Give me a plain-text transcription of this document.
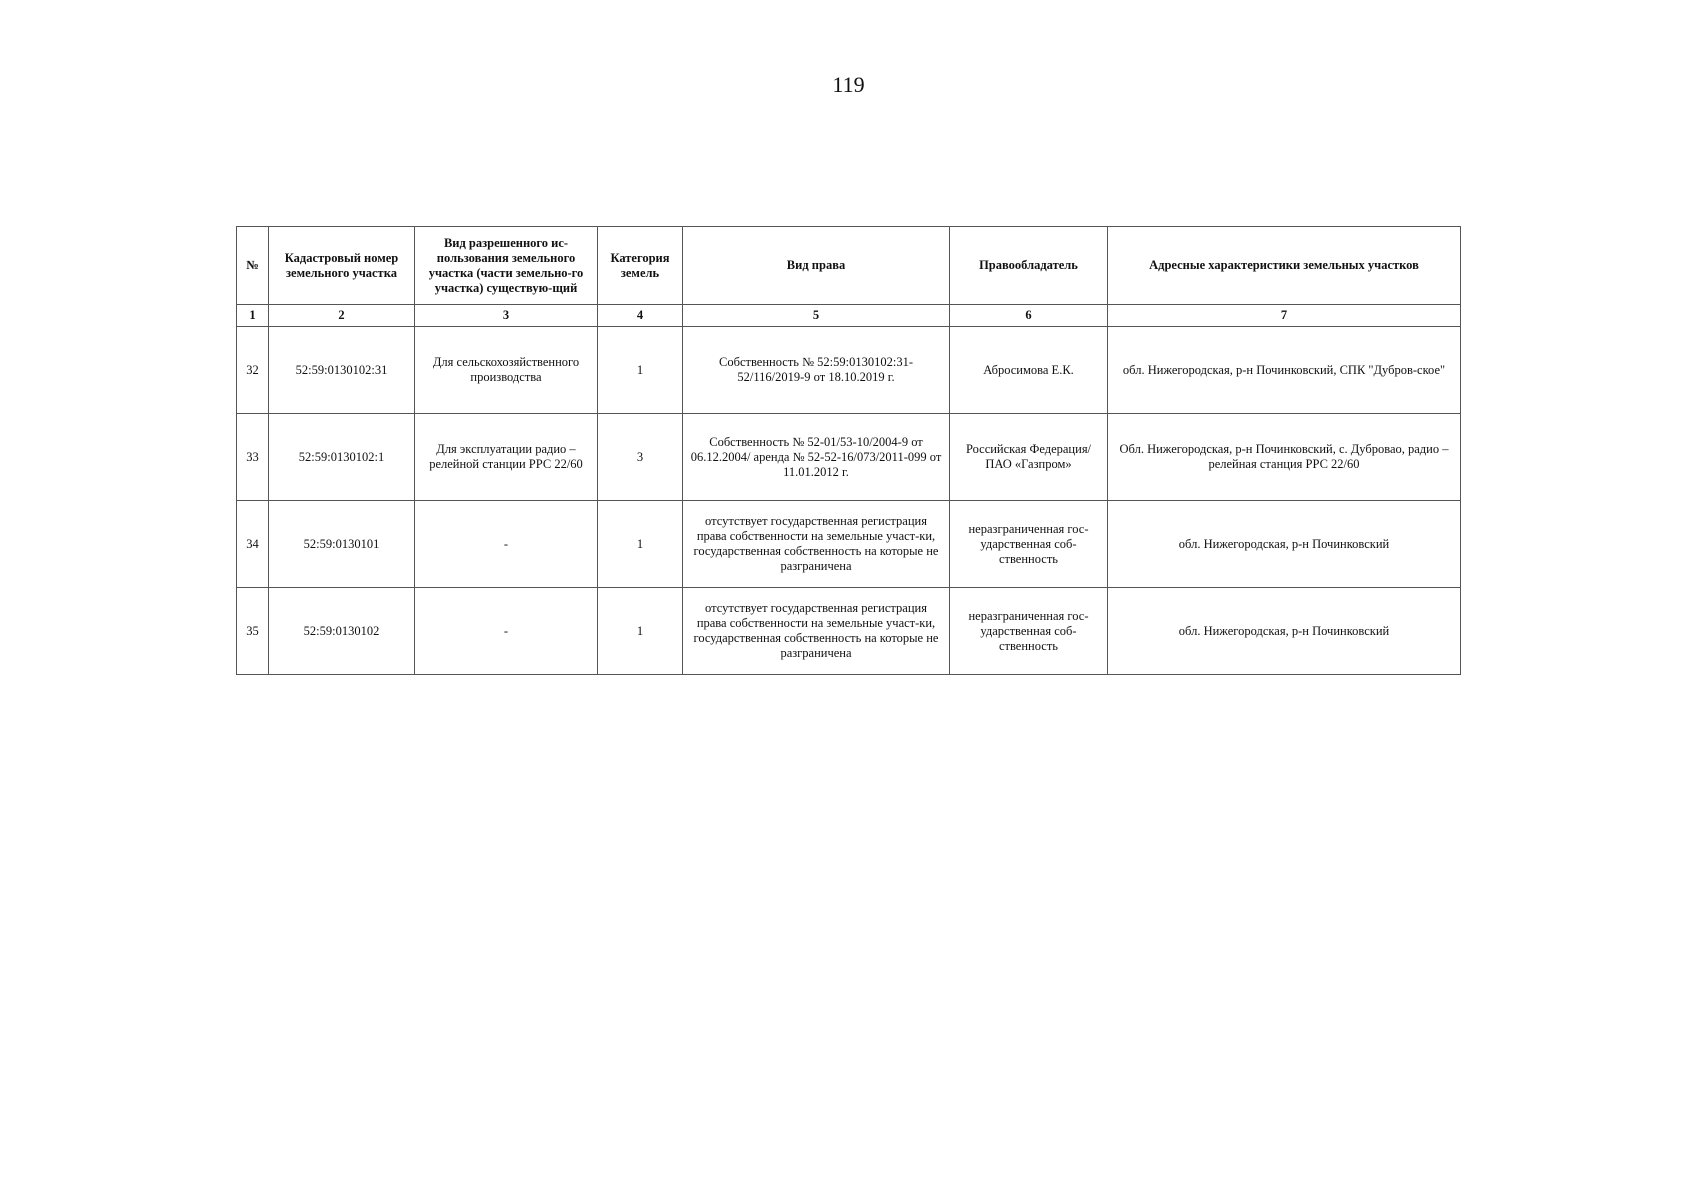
119
№	Кадастровый номер земельного участка	Вид разрешенного ис-пользования земельного участка (части земельно-го участка) существую-щий	Категория земель	Вид права	Правообладатель	Адресные характеристики земельных участков
1	2	3	4	5	6	7
32	52:59:0130102:31	Для сельскохозяйственного производства	1	Собственность № 52:59:0130102:31-52/116/2019-9 от 18.10.2019 г.	Абросимова Е.К.	обл. Нижегородская, р-н Починковский, СПК "Дубров-ское"
33	52:59:0130102:1	Для эксплуатации радио – релейной станции РРС 22/60	3	Собственность № 52-01/53-10/2004-9 от 06.12.2004/ аренда № 52-52-16/073/2011-099 от 11.01.2012 г.	Российская Федерация/ ПАО «Газпром»	Обл. Нижегородская, р-н Починковский, с. Дубровао, радио – релейная станция РРС 22/60
34	52:59:0130101	-	1	отсутствует государственная регистрация права собственности на земельные участ-ки, государственная собственность на которые не разграничена	неразграниченная гос-ударственная соб-ственность	обл. Нижегородская, р-н Починковский
35	52:59:0130102	-	1	отсутствует государственная регистрация права собственности на земельные участ-ки, государственная собственность на которые не разграничена	неразграниченная гос-ударственная соб-ственность	обл. Нижегородская, р-н Починковский
